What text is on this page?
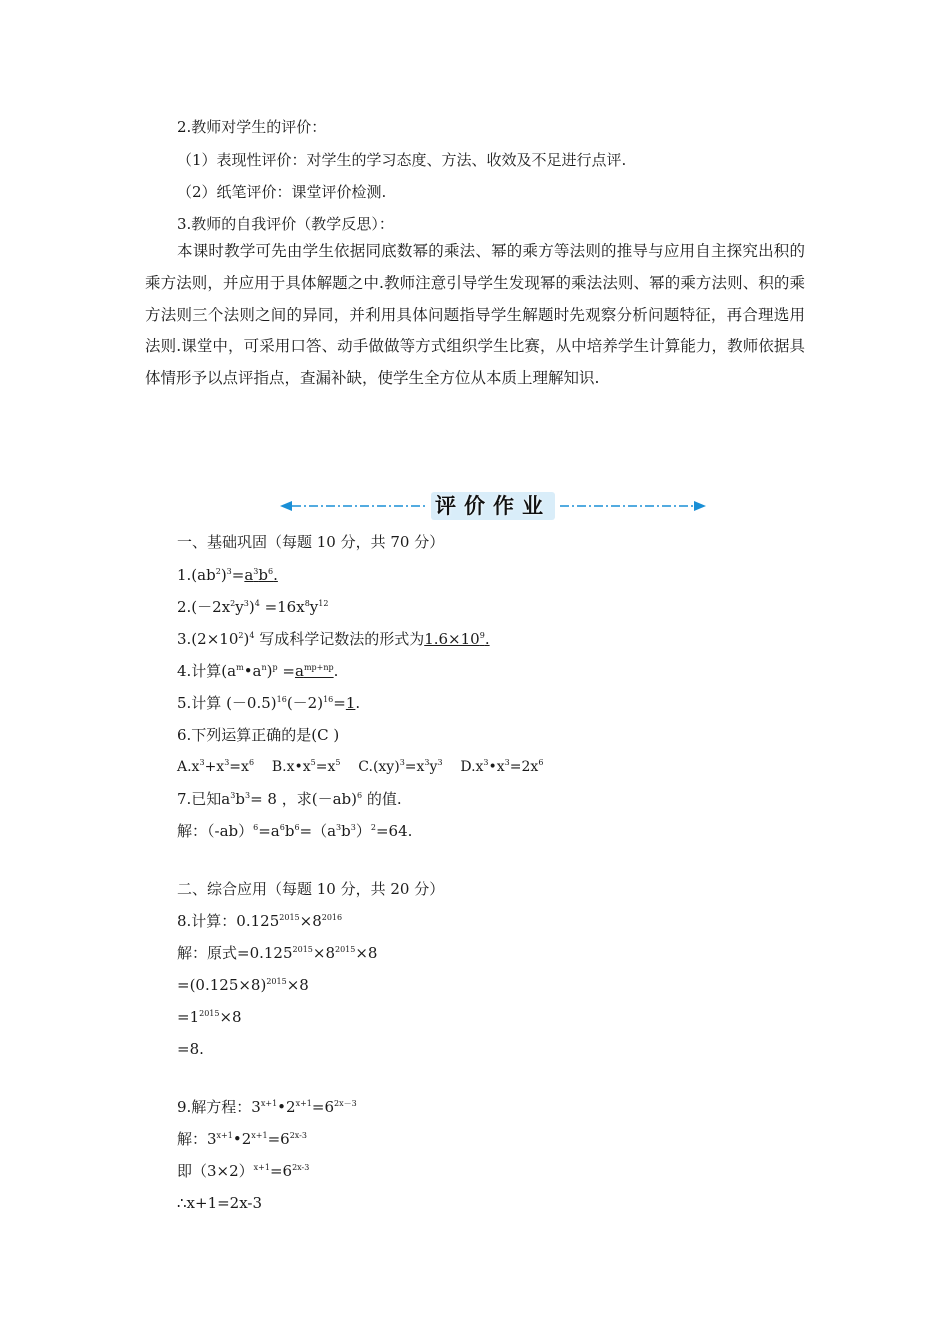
2.教师对学生的评价：
（1）表现性评价：对学生的学习态度、方法、收效及不足进行点评.
（2）纸笔评价：课堂评价检测.
3.教师的自我评价（教学反思）：
本课时教学可先由学生依据同底数幂的乘法、幂的乘方等法则的推导与应用自主探究出积的乘方法则，并应用于具体解题之中.教师注意引导学生发现幂的乘法法则、幂的乘方法则、积的乘方法则三个法则之间的异同，并利用具体问题指导学生解题时先观察分析问题特征，再合理选用法则.课堂中，可采用口答、动手做做等方式组织学生比赛，从中培养学生计算能力，教师依据具体情形予以点评指点，查漏补缺，使学生全方位从本质上理解知识.
评价作业
一、基础巩固（每题 10 分，共 70 分）
$1.(ab^2)^3=a^3b^6$.
$2.(-2x^2y^3)^4 =16x^8y^{12}$
$3.(2\times 10^2)^4$ 写成科学记数法的形式为$1.6\times 10^9$.
4.计算$(a^m•a^n)^p =a^{mp+np}$.
5.计算 $(-0.5)^{16}(-2)^{16}=1$.
6.下列运算正确的是(C )
$A.x^3+x^3=x^6$ $B.x•x^5=x^5$ $C.(xy)^3=x^3y^3$ $D.x^3•x^3=2x^6$
7.已知$a^3b^3= 8$ ，求$(-ab)^6$ 的值.
解：$(-ab)^6=a^6b^6=(a^3b^3)^2=64$.
二、综合应用（每题 10 分，共 20 分）
8.计算：$0.125^{2015}\times 8^{2016}$
解：原式$=0.125^{2015}\times 8^{2015}\times 8$
$=(0.125\times 8)^{2015}\times 8$
$=1^{2015}\times 8$
=8.
9.解方程：$3^{x+1}•2^{x+1}=6^{2x-3}$
解：$3^{x+1}•2^{x+1}=6^{2x-3}$
即$(3\times 2)^{x+1}=6^{2x-3}$
∴x+1=2x-3
